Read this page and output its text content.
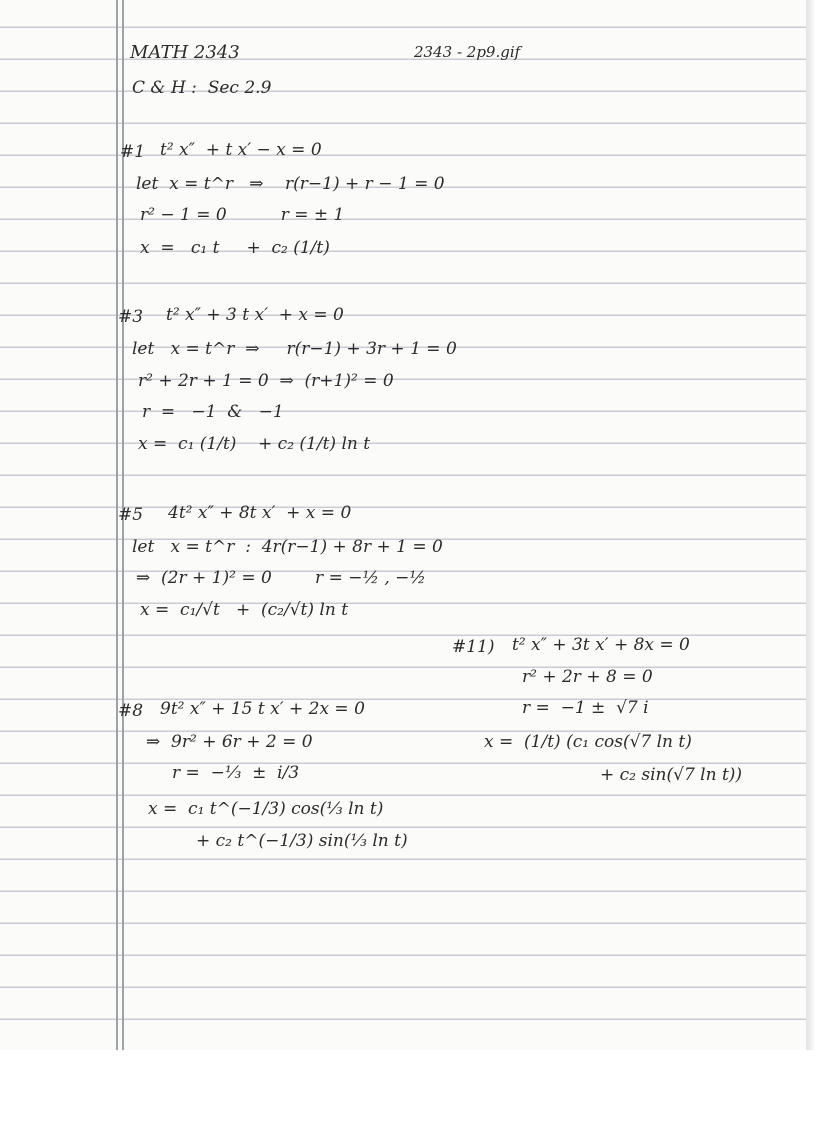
MATH 2343	2343 - 2p9.gif
C & H :  Sec 2.9
#1 t² x″  + t x′ − x = 0
let  x = t^r   ⇒    r(r−1) + r − 1 = 0
r² − 1 = 0          r = ± 1
x  =   c₁ t     +  c₂ (1/t)
#3 t² x″ + 3 t x′  + x = 0
let   x = t^r  ⇒     r(r−1) + 3r + 1 = 0
r² + 2r + 1 = 0  ⇒  (r+1)² = 0
r  =   −1  &   −1
x =  c₁ (1/t)    + c₂ (1/t) ln t
#5 4t² x″ + 8t x′  + x = 0
let   x = t^r  :  4r(r−1) + 8r + 1 = 0
⇒  (2r + 1)² = 0        r = −½ , −½
x =  c₁/√t   +  (c₂/√t) ln t
#11) t² x″ + 3t x′ + 8x = 0
r² + 2r + 8 = 0
r =  −1 ±  √7 i
x =  (1/t) (c₁ cos(√7 ln t)
+ c₂ sin(√7 ln t))
#8 9t² x″ + 15 t x′ + 2x = 0
⇒  9r² + 6r + 2 = 0
r =  −⅓  ±  i/3
x =  c₁ t^(−1/3) cos(⅓ ln t)
+ c₂ t^(−1/3) sin(⅓ ln t)
